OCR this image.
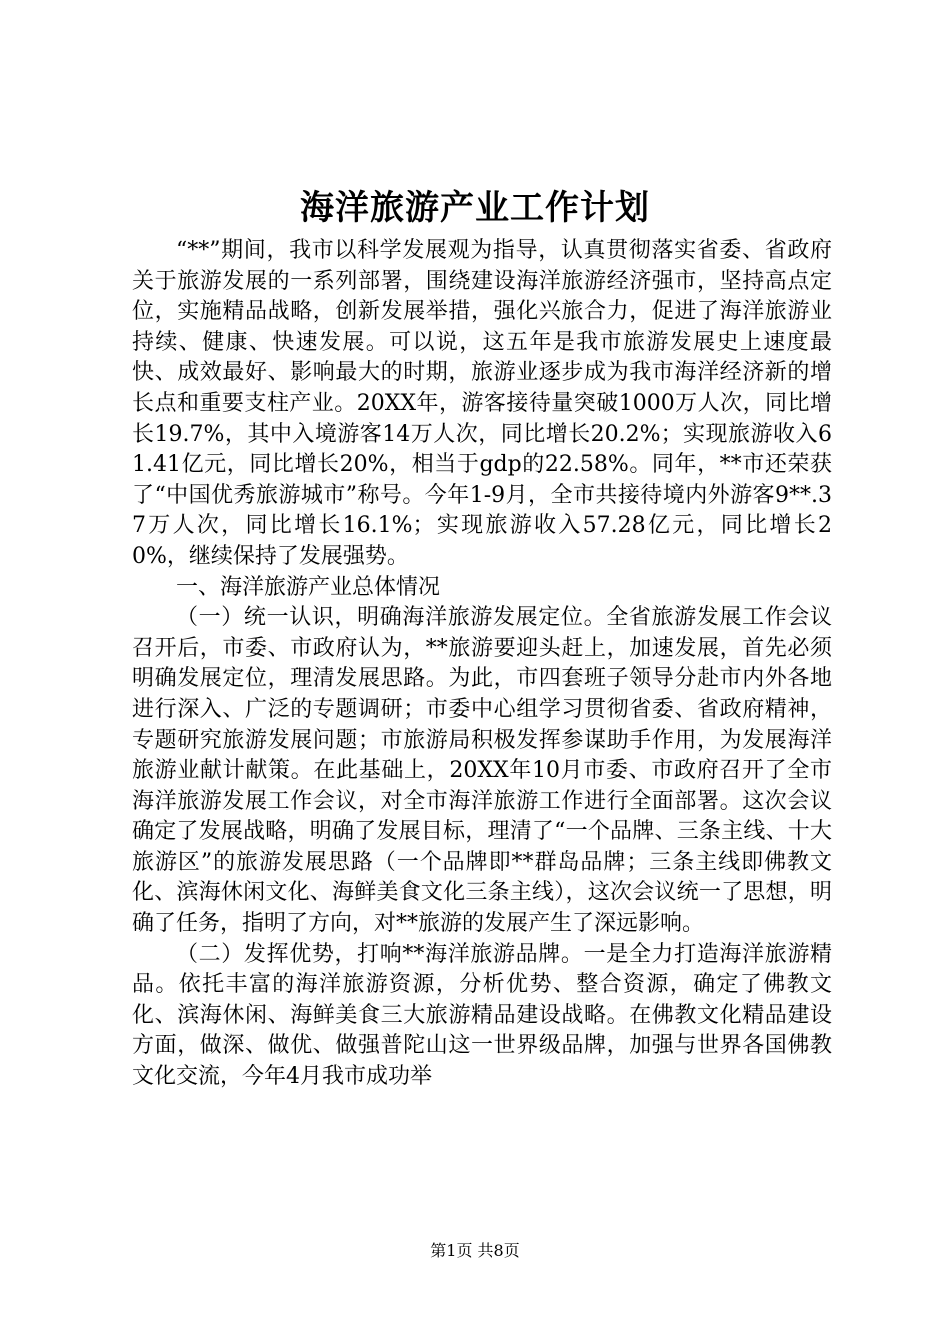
海洋旅游产业工作计划

“**”期间，我市以科学发展观为指导，认真贯彻落实省委、省政府关于旅游发展的一系列部署，围绕建设海洋旅游经济强市，坚持高点定位，实施精品战略，创新发展举措，强化兴旅合力，促进了海洋旅游业持续、健康、快速发展。可以说，这五年是我市旅游发展史上速度最快、成效最好、影响最大的时期，旅游业逐步成为我市海洋经济新的增长点和重要支柱产业。20XX年，游客接待量突破1000万人次，同比增长19.7%，其中入境游客14万人次，同比增长20.2%；实现旅游收入61.41亿元，同比增长20%，相当于gdp的22.58%。同年，**市还荣获了“中国优秀旅游城市”称号。今年1-9月，全市共接待境内外游客9**.37万人次，同比增长16.1%；实现旅游收入57.28亿元，同比增长20%，继续保持了发展强势。

一、海洋旅游产业总体情况

（一）统一认识，明确海洋旅游发展定位。全省旅游发展工作会议召开后，市委、市政府认为，**旅游要迎头赶上，加速发展，首先必须明确发展定位，理清发展思路。为此，市四套班子领导分赴市内外各地进行深入、广泛的专题调研；市委中心组学习贯彻省委、省政府精神，专题研究旅游发展问题；市旅游局积极发挥参谋助手作用，为发展海洋旅游业献计献策。在此基础上，20XX年10月市委、市政府召开了全市海洋旅游发展工作会议，对全市海洋旅游工作进行全面部署。这次会议确定了发展战略，明确了发展目标，理清了“一个品牌、三条主线、十大旅游区”的旅游发展思路（一个品牌即**群岛品牌；三条主线即佛教文化、滨海休闲文化、海鲜美食文化三条主线），这次会议统一了思想，明确了任务，指明了方向，对**旅游的发展产生了深远影响。

（二）发挥优势，打响**海洋旅游品牌。一是全力打造海洋旅游精品。依托丰富的海洋旅游资源，分析优势、整合资源，确定了佛教文化、滨海休闲、海鲜美食三大旅游精品建设战略。在佛教文化精品建设方面，做深、做优、做强普陀山这一世界级品牌，加强与世界各国佛教文化交流，今年4月我市成功举

第1页 共8页
